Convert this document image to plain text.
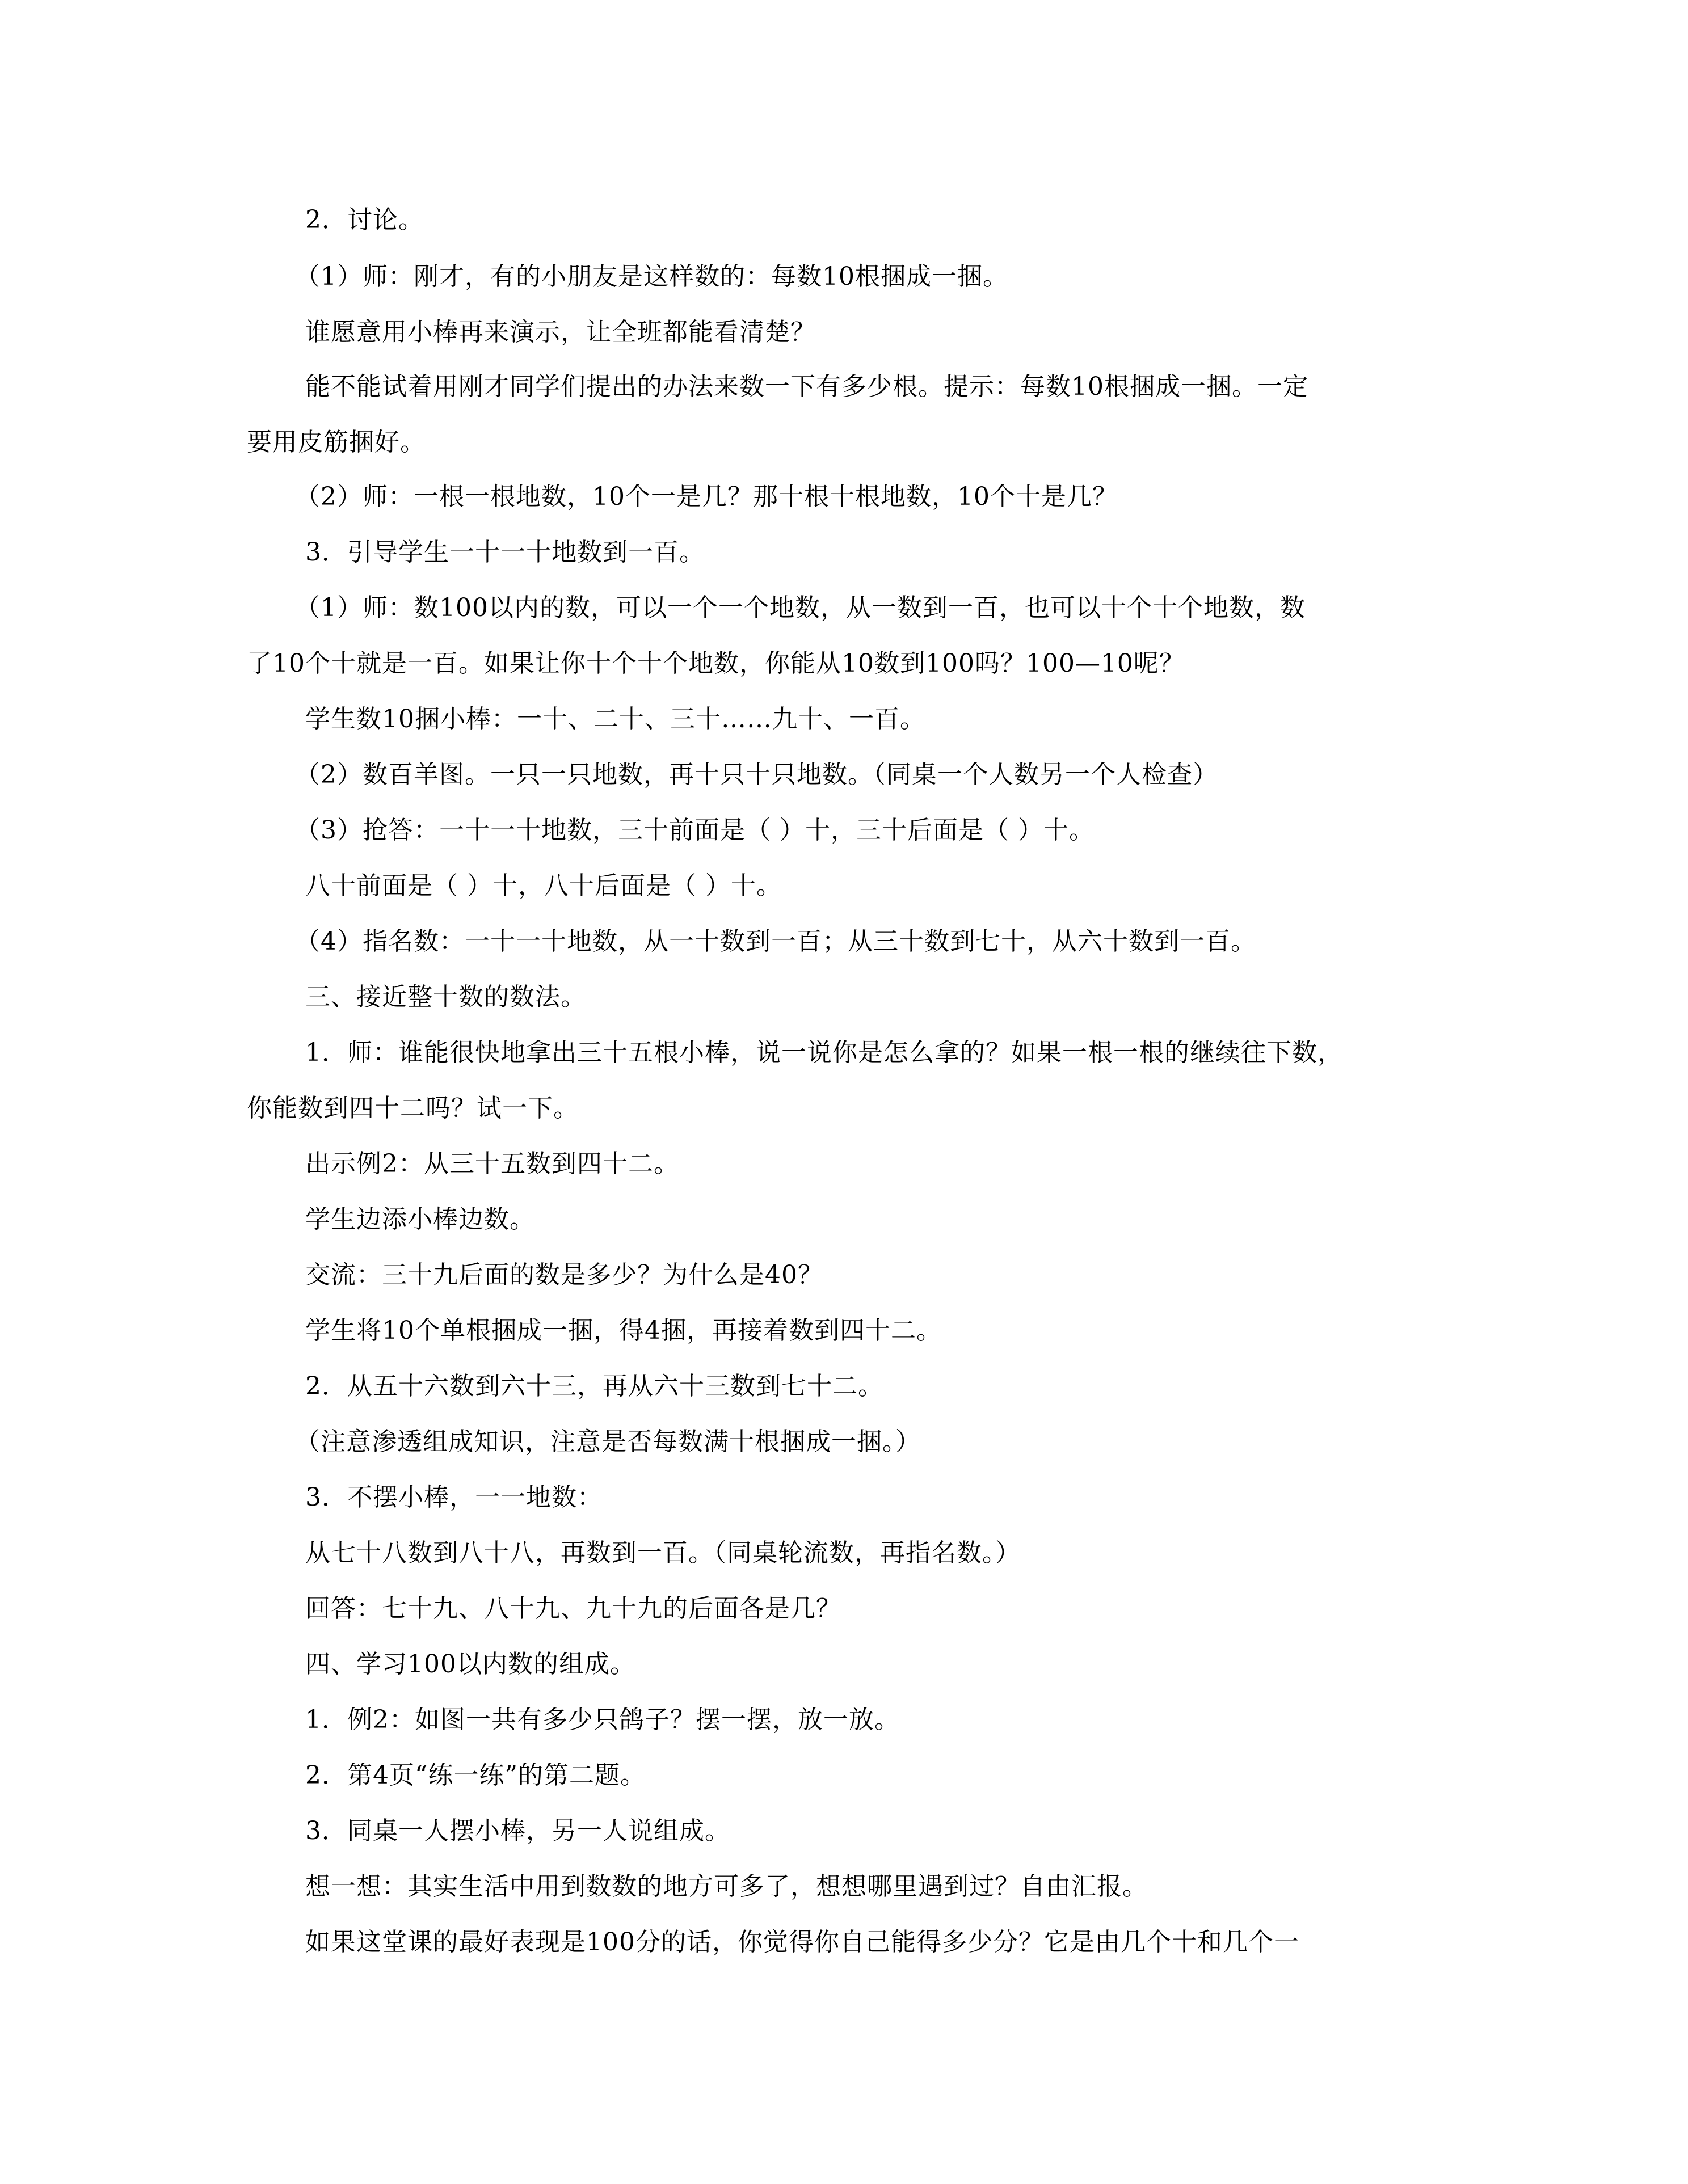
2．讨论。
（1）师：刚才，有的小朋友是这样数的：每数10根捆成一捆。
谁愿意用小棒再来演示，让全班都能看清楚？
能不能试着用刚才同学们提出的办法来数一下有多少根。提示：每数10根捆成一捆。一定
要用皮筋捆好。
（2）师：一根一根地数，10个一是几？那十根十根地数，10个十是几？
3．引导学生一十一十地数到一百。
（1）师：数100以内的数，可以一个一个地数，从一数到一百，也可以十个十个地数，数
了10个十就是一百。如果让你十个十个地数，你能从10数到100吗？100—10呢？
学生数10捆小棒：一十、二十、三十……九十、一百。
（2）数百羊图。一只一只地数，再十只十只地数。（同桌一个人数另一个人检查）
（3）抢答：一十一十地数，三十前面是（ ）十，三十后面是（ ）十。
八十前面是（ ）十，八十后面是（ ）十。
（4）指名数：一十一十地数，从一十数到一百；从三十数到七十，从六十数到一百。
三、接近整十数的数法。
1．师：谁能很快地拿出三十五根小棒，说一说你是怎么拿的？如果一根一根的继续往下数，
你能数到四十二吗？试一下。
出示例2：从三十五数到四十二。
学生边添小棒边数。
交流：三十九后面的数是多少？为什么是40？
学生将10个单根捆成一捆，得4捆，再接着数到四十二。
2．从五十六数到六十三，再从六十三数到七十二。
（注意渗透组成知识，注意是否每数满十根捆成一捆。）
3．不摆小棒，一一地数：
从七十八数到八十八，再数到一百。（同桌轮流数，再指名数。）
回答：七十九、八十九、九十九的后面各是几？
四、学习100以内数的组成。
1．例2：如图一共有多少只鸽子？摆一摆，放一放。
2．第4页“练一练”的第二题。
3．同桌一人摆小棒，另一人说组成。
想一想：其实生活中用到数数的地方可多了，想想哪里遇到过？自由汇报。
如果这堂课的最好表现是100分的话，你觉得你自己能得多少分？它是由几个十和几个一
